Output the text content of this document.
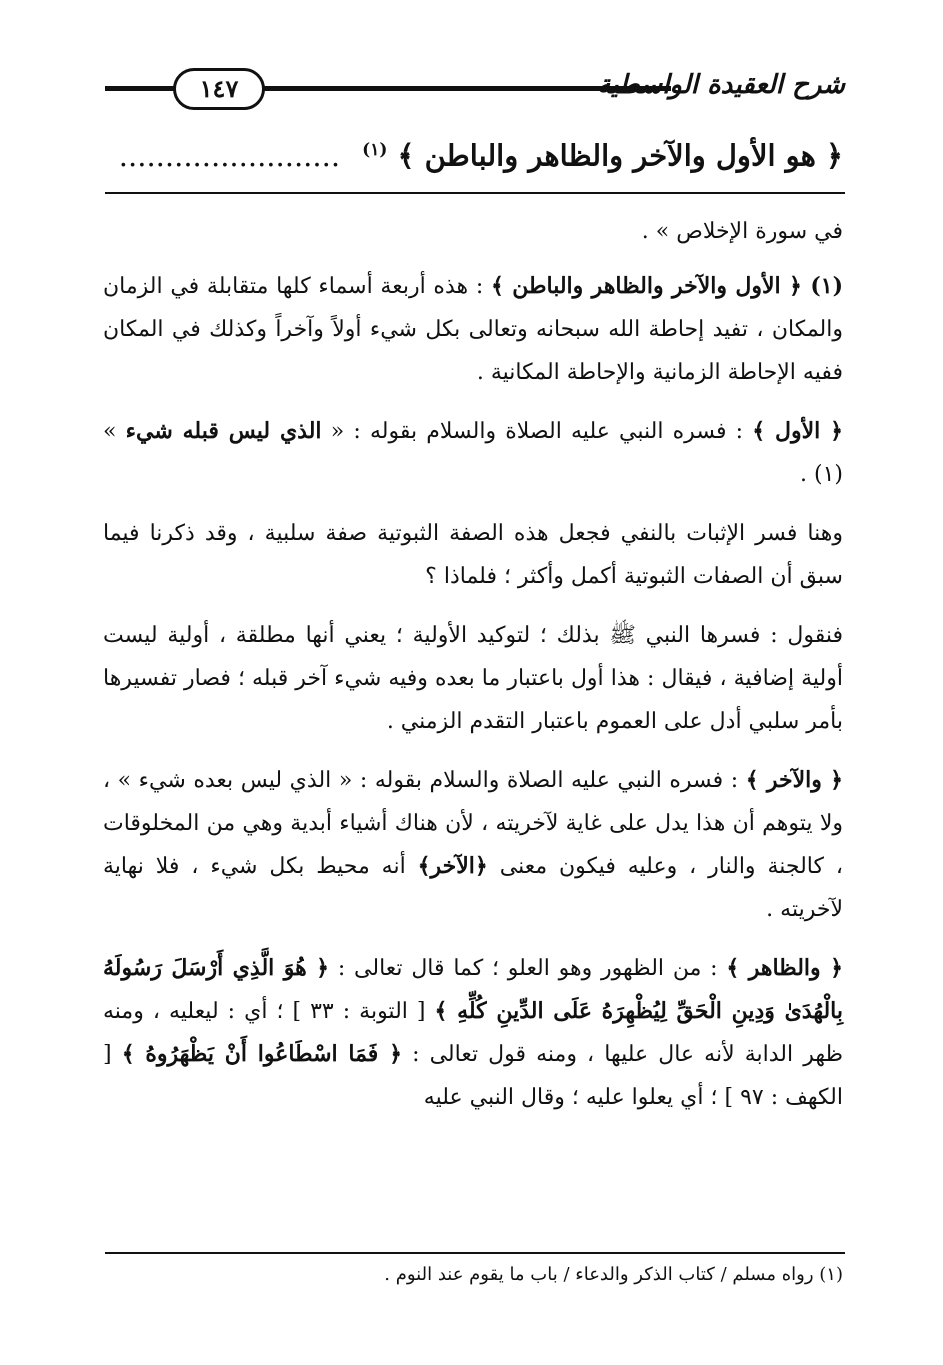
١٤٧	شرح العقيدة الواسطية
﴿ هو الأول والآخر والظاهر والباطن ﴾ $^{(١)}$ ........................

في سورة الإخلاص » .

(١) ﴿ الأول والآخر والظاهر والباطن ﴾ : هذه أربعة أسماء كلها متقابلة في الزمان والمكان ، تفيد إحاطة الله سبحانه وتعالى بكل شيء أولاً وآخراً وكذلك في المكان ففيه الإحاطة الزمانية والإحاطة المكانية .

﴿ الأول ﴾ : فسره النبي عليه الصلاة والسلام بقوله : « الذي ليس قبله شيء » (١) .

وهنا فسر الإثبات بالنفي فجعل هذه الصفة الثبوتية صفة سلبية ، وقد ذكرنا فيما سبق أن الصفات الثبوتية أكمل وأكثر ؛ فلماذا ؟

فنقول : فسرها النبي ﷺ بذلك ؛ لتوكيد الأولية ؛ يعني أنها مطلقة ، أولية ليست أولية إضافية ، فيقال : هذا أول باعتبار ما بعده وفيه شيء آخر قبله ؛ فصار تفسيرها بأمر سلبي أدل على العموم باعتبار التقدم الزمني .

﴿ والآخر ﴾ : فسره النبي عليه الصلاة والسلام بقوله : « الذي ليس بعده شيء » ، ولا يتوهم أن هذا يدل على غاية لآخريته ، لأن هناك أشياء أبدية وهي من المخلوقات ، كالجنة والنار ، وعليه فيكون معنى ﴿الآخر﴾ أنه محيط بكل شيء ، فلا نهاية لآخريته .

﴿ والظاهر ﴾ : من الظهور وهو العلو ؛ كما قال تعالى : ﴿ هُوَ الَّذِي أَرْسَلَ رَسُولَهُ بِالْهُدَىٰ وَدِينِ الْحَقِّ لِيُظْهِرَهُ عَلَى الدِّينِ كُلِّهِ ﴾ [ التوبة : ٣٣ ] ؛ أي : ليعليه ، ومنه ظهر الدابة لأنه عال عليها ، ومنه قول تعالى : ﴿ فَمَا اسْطَاعُوا أَنْ يَظْهَرُوهُ ﴾ [ الكهف : ٩٧ ] ؛ أي يعلوا عليه ؛ وقال النبي عليه

(١) رواه مسلم / كتاب الذكر والدعاء / باب ما يقوم عند النوم .
